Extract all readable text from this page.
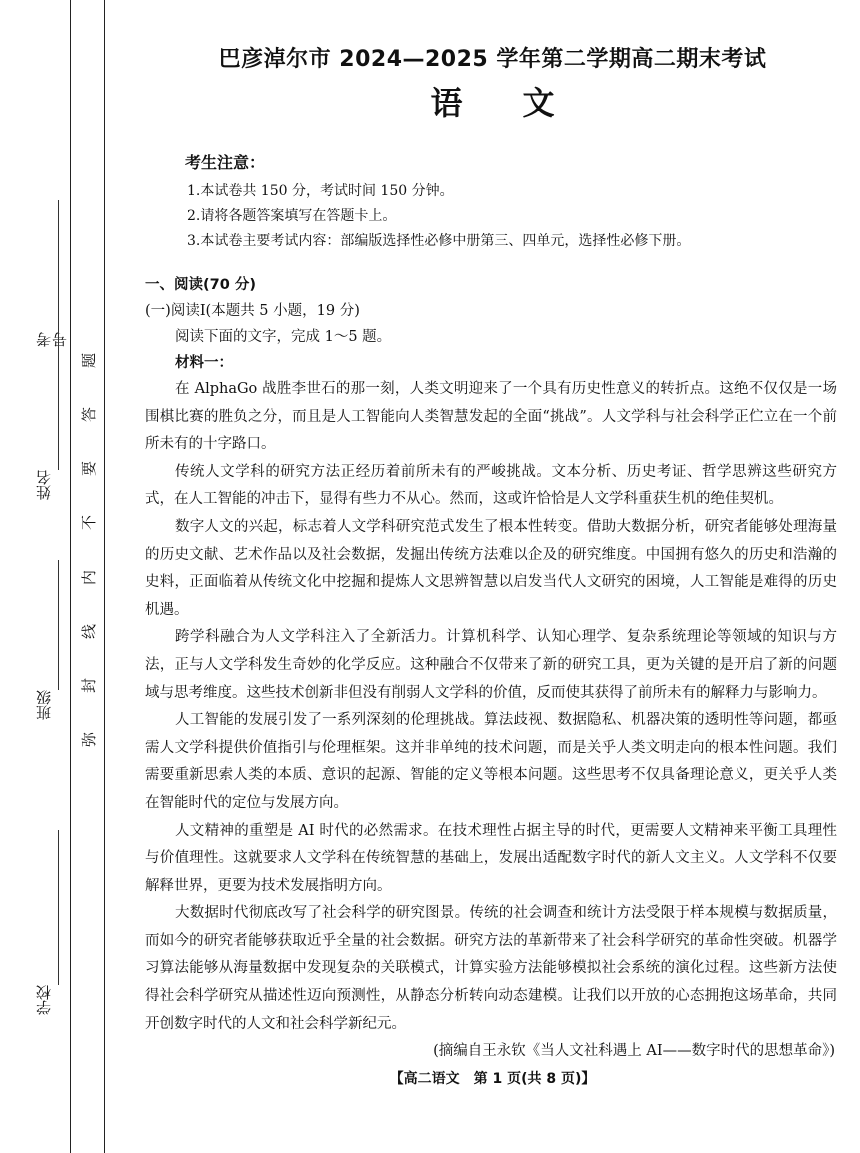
考号
姓名
班级
学校
题
答
要
不
内
线
封
弥
巴彦淖尔市 2024—2025 学年第二学期高二期末考试
语文
考生注意：
1.本试卷共 150 分，考试时间 150 分钟。
2.请将各题答案填写在答题卡上。
3.本试卷主要考试内容：部编版选择性必修中册第三、四单元，选择性必修下册。
一、阅读(70 分)
(一)阅读Ⅰ(本题共 5 小题，19 分)
阅读下面的文字，完成 1～5 题。
材料一：

在 AlphaGo 战胜李世石的那一刻，人类文明迎来了一个具有历史性意义的转折点。这绝不仅仅是一场围棋比赛的胜负之分，而且是人工智能向人类智慧发起的全面“挑战”。人文学科与社会科学正伫立在一个前所未有的十字路口。

传统人文学科的研究方法正经历着前所未有的严峻挑战。文本分析、历史考证、哲学思辨这些研究方式，在人工智能的冲击下，显得有些力不从心。然而，这或许恰恰是人文学科重获生机的绝佳契机。

数字人文的兴起，标志着人文学科研究范式发生了根本性转变。借助大数据分析，研究者能够处理海量的历史文献、艺术作品以及社会数据，发掘出传统方法难以企及的研究维度。中国拥有悠久的历史和浩瀚的史料，正面临着从传统文化中挖掘和提炼人文思辨智慧以启发当代人文研究的困境，人工智能是难得的历史机遇。

跨学科融合为人文学科注入了全新活力。计算机科学、认知心理学、复杂系统理论等领域的知识与方法，正与人文学科发生奇妙的化学反应。这种融合不仅带来了新的研究工具，更为关键的是开启了新的问题域与思考维度。这些技术创新非但没有削弱人文学科的价值，反而使其获得了前所未有的解释力与影响力。

人工智能的发展引发了一系列深刻的伦理挑战。算法歧视、数据隐私、机器决策的透明性等问题，都亟需人文学科提供价值指引与伦理框架。这并非单纯的技术问题，而是关乎人类文明走向的根本性问题。我们需要重新思索人类的本质、意识的起源、智能的定义等根本问题。这些思考不仅具备理论意义，更关乎人类在智能时代的定位与发展方向。

人文精神的重塑是 AI 时代的必然需求。在技术理性占据主导的时代，更需要人文精神来平衡工具理性与价值理性。这就要求人文学科在传统智慧的基础上，发展出适配数字时代的新人文主义。人文学科不仅要解释世界，更要为技术发展指明方向。

大数据时代彻底改写了社会科学的研究图景。传统的社会调查和统计方法受限于样本规模与数据质量，而如今的研究者能够获取近乎全量的社会数据。研究方法的革新带来了社会科学研究的革命性突破。机器学习算法能够从海量数据中发现复杂的关联模式，计算实验方法能够模拟社会系统的演化过程。这些新方法使得社会科学研究从描述性迈向预测性，从静态分析转向动态建模。让我们以开放的心态拥抱这场革命，共同开创数字时代的人文和社会科学新纪元。

(摘编自王永钦《当人文社科遇上 AI——数字时代的思想革命》)
【高二语文　第 1 页(共 8 页)】
